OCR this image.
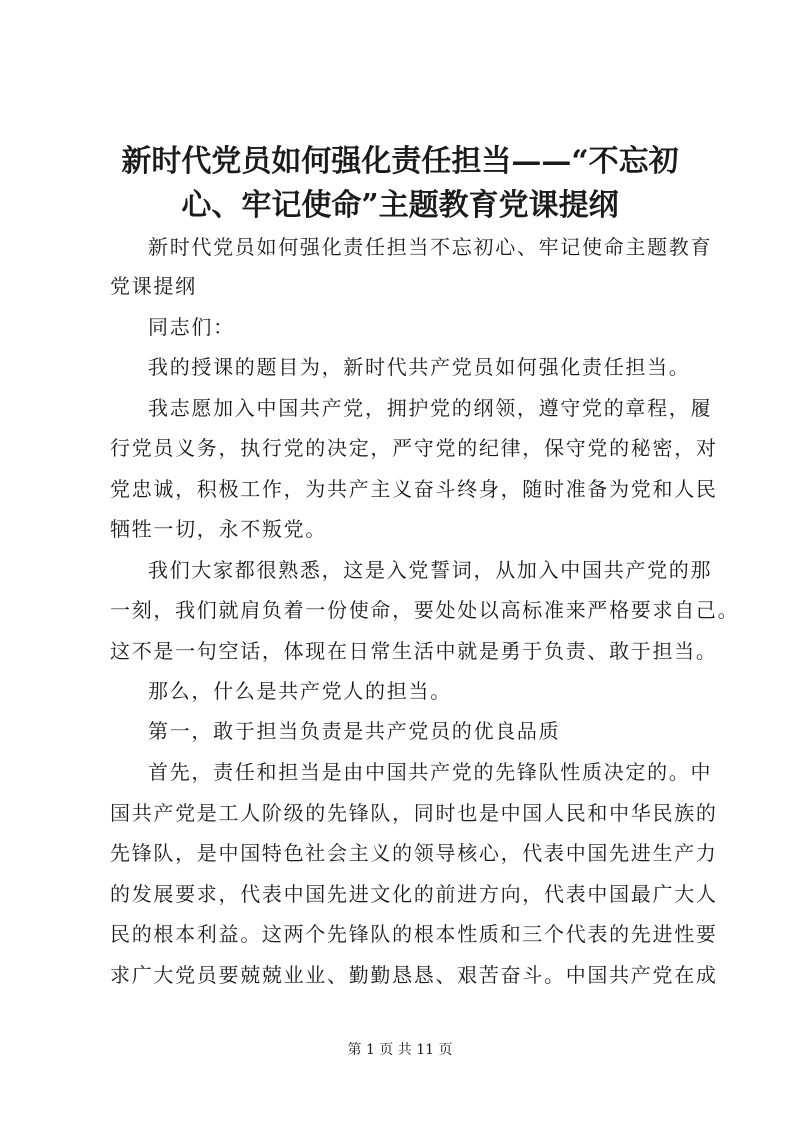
新时代党员如何强化责任担当——“不忘初
心、牢记使命”主题教育党课提纲

新时代党员如何强化责任担当不忘初心、牢记使命主题教育

党课提纲

同志们：

我的授课的题目为，新时代共产党员如何强化责任担当。

我志愿加入中国共产党，拥护党的纲领，遵守党的章程，履

行党员义务，执行党的决定，严守党的纪律，保守党的秘密，对

党忠诚，积极工作，为共产主义奋斗终身，随时准备为党和人民

牺牲一切，永不叛党。

我们大家都很熟悉，这是入党誓词，从加入中国共产党的那

一刻，我们就肩负着一份使命，要处处以高标准来严格要求自己。

这不是一句空话，体现在日常生活中就是勇于负责、敢于担当。

那么，什么是共产党人的担当。

第一，敢于担当负责是共产党员的优良品质

首先，责任和担当是由中国共产党的先锋队性质决定的。中

国共产党是工人阶级的先锋队，同时也是中国人民和中华民族的

先锋队，是中国特色社会主义的领导核心，代表中国先进生产力

的发展要求，代表中国先进文化的前进方向，代表中国最广大人

民的根本利益。这两个先锋队的根本性质和三个代表的先进性要

求广大党员要兢兢业业、勤勤恳恳、艰苦奋斗。中国共产党在成

第 1 页 共 11 页
